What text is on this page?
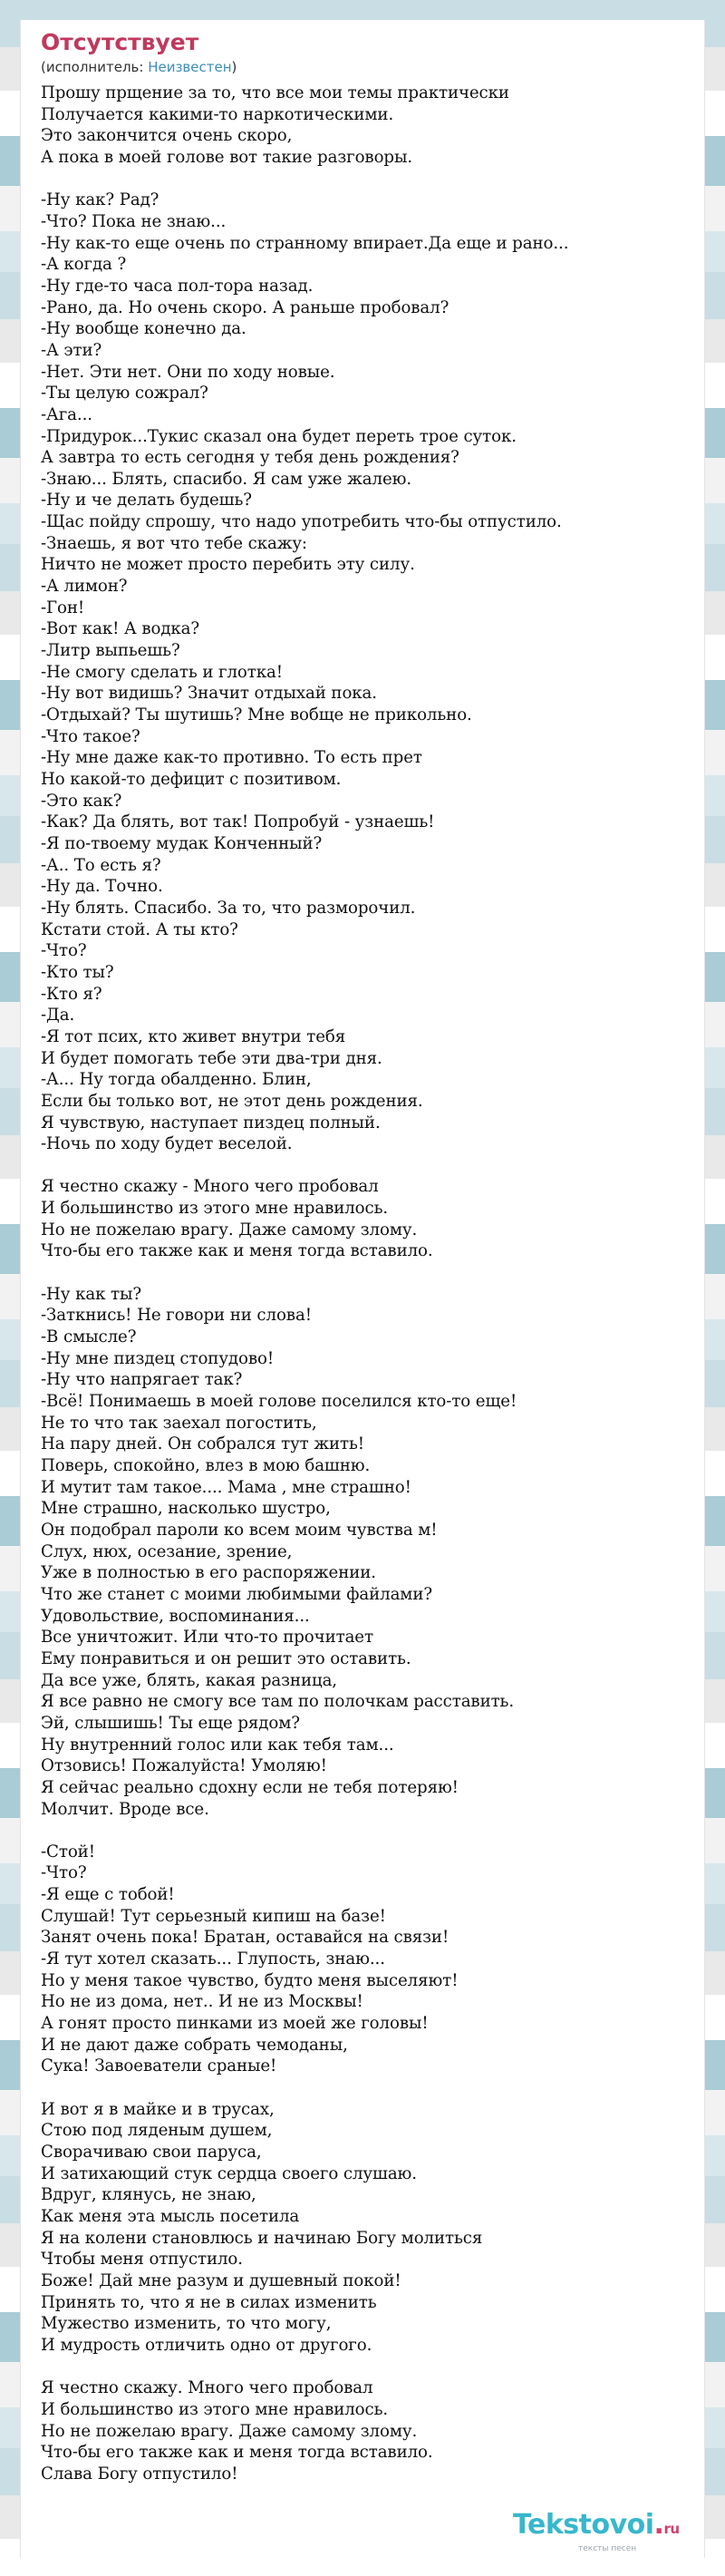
Отсутствует
(исполнитель: Неизвестен)
Прошу прщение за то, что все мои темы практически
Получается какими-то наркотическими.
Это закончится очень скоро,
А пока в моей голове вот такие разговоры.

-Ну как? Рад?
-Что? Пока не знаю...
-Ну как-то еще очень по странному впирает.Да еще и рано...
-А когда ?
-Ну где-то часа пол-тора назад.
-Рано, да. Но очень скоро. А раньше пробовал?
-Ну вообще конечно да.
-А эти?
-Нет. Эти нет. Они по ходу новые.
-Ты целую сожрал?
-Ага...
-Придурок...Тукис сказал она будет переть трое суток.
А завтра то есть сегодня у тебя день рождения?
-Знаю... Блять, спасибо. Я сам уже жалею.
-Ну и че делать будешь?
-Щас пойду спрошу, что надо употребить что-бы отпустило.
-Знаешь, я вот что тебе скажу:
Ничто не может просто перебить эту силу.
-А лимон?
-Гон!
-Вот как! А водка?
-Литр выпьешь?
-Не смогу сделать и глотка!
-Ну вот видишь? Значит отдыхай пока.
-Отдыхай? Ты шутишь? Мне вобще не прикольно.
-Что такое?
-Ну мне даже как-то противно. То есть прет
Но какой-то дефицит с позитивом.
-Это как?
-Как? Да блять, вот так! Попробуй - узнаешь!
-Я по-твоему мудак Конченный?
-А.. То есть я?
-Ну да. Точно.
-Ну блять. Спасибо. За то, что разморочил.
Кстати стой. А ты кто?
-Что?
-Кто ты?
-Кто я?
-Да.
-Я тот псих, кто живет внутри тебя
И будет помогать тебе эти два-три дня.
-А... Ну тогда обалденно. Блин,
Если бы только вот, не этот день рождения.
Я чувствую, наступает пиздец полный.
-Ночь по ходу будет веселой.

Я честно скажу - Много чего пробовал
И большинство из этого мне нравилось.
Но не пожелаю врагу. Даже самому злому.
Что-бы его также как и меня тогда вставило.

-Ну как ты?
-Заткнись! Не говори ни слова!
-В смысле?
-Ну мне пиздец стопудово!
-Ну что напрягает так?
-Всё! Понимаешь в моей голове поселился кто-то еще!
Не то что так заехал погостить,
На пару дней. Он собрался тут жить!
Поверь, спокойно, влез в мою башню.
И мутит там такое.... Мама , мне страшно!
Мне страшно, насколько шустро,
Он подобрал пароли ко всем моим чувства м!
Слух, нюх, осезание, зрение,
Уже в полностью в его распоряжении.
Что же станет с моими любимыми файлами?
Удовольствие, воспоминания...
Все уничтожит. Или что-то прочитает
Ему понравиться и он решит это оставить.
Да все уже, блять, какая разница,
Я все равно не смогу все там по полочкам расставить.
Эй, слышишь! Ты еще рядом?
Ну внутренний голос или как тебя там...
Отзовись! Пожалуйста! Умоляю!
Я сейчас реально сдохну если не тебя потеряю!
Молчит. Вроде все.

-Стой!
-Что?
-Я еще с тобой!
Слушай! Тут серьезный кипиш на базе!
Занят очень пока! Братан, оставайся на связи!
-Я тут хотел сказать... Глупость, знаю...
Но у меня такое чувство, будто меня выселяют!
Но не из дома, нет.. И не из Москвы!
А гонят просто пинками из моей же головы!
И не дают даже собрать чемоданы,
Сука! Завоеватели сраные!

И вот я в майке и в трусах,
Стою под ляденым душем,
Сворачиваю свои паруса,
И затихающий стук сердца своего слушаю.
Вдруг, клянусь, не знаю,
Как меня эта мысль посетила
Я на колени становлюсь и начинаю Богу молиться
Чтобы меня отпустило.
Боже! Дай мне разум и душевный покой!
Принять то, что я не в силах изменить
Мужество изменить, то что могу,
И мудрость отличить одно от другого.

Я честно скажу. Много чего пробовал
И большинство из этого мне нравилось.
Но не пожелаю врагу. Даже самому злому.
Что-бы его также как и меня тогда вставило.
Слава Богу отпустило!
Tekstovoi.ru
тексты песен
